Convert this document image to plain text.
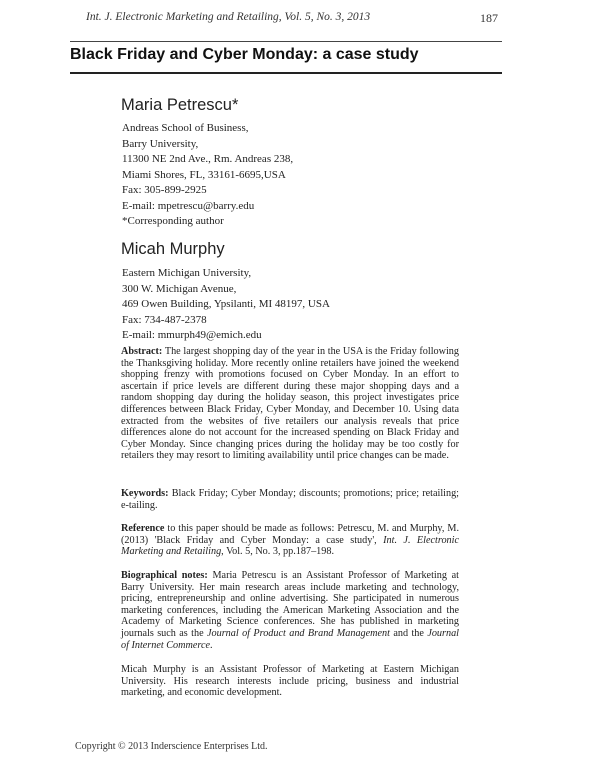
Int. J. Electronic Marketing and Retailing, Vol. 5, No. 3, 2013	187
Black Friday and Cyber Monday: a case study
Maria Petrescu*
Andreas School of Business,
Barry University,
11300 NE 2nd Ave., Rm. Andreas 238,
Miami Shores, FL, 33161-6695,USA
Fax: 305-899-2925
E-mail: mpetrescu@barry.edu
*Corresponding author
Micah Murphy
Eastern Michigan University,
300 W. Michigan Avenue,
469 Owen Building, Ypsilanti, MI 48197, USA
Fax: 734-487-2378
E-mail: mmurph49@emich.edu
Abstract: The largest shopping day of the year in the USA is the Friday following the Thanksgiving holiday. More recently online retailers have joined the weekend shopping frenzy with promotions focused on Cyber Monday. In an effort to ascertain if price levels are different during these major shopping days and a random shopping day during the holiday season, this project investigates price differences between Black Friday, Cyber Monday, and December 10. Using data extracted from the websites of five retailers our analysis reveals that price differences alone do not account for the increased spending on Black Friday and Cyber Monday. Since changing prices during the holiday may be too costly for retailers they may resort to limiting availability until price changes can be made.
Keywords: Black Friday; Cyber Monday; discounts; promotions; price; retailing; e-tailing.
Reference to this paper should be made as follows: Petrescu, M. and Murphy, M. (2013) 'Black Friday and Cyber Monday: a case study', Int. J. Electronic Marketing and Retailing, Vol. 5, No. 3, pp.187–198.
Biographical notes: Maria Petrescu is an Assistant Professor of Marketing at Barry University. Her main research areas include marketing and technology, pricing, entrepreneurship and online advertising. She participated in numerous marketing conferences, including the American Marketing Association and the Academy of Marketing Science conferences. She has published in marketing journals such as the Journal of Product and Brand Management and the Journal of Internet Commerce.
Micah Murphy is an Assistant Professor of Marketing at Eastern Michigan University. His research interests include pricing, business and industrial marketing, and economic development.
Copyright © 2013 Inderscience Enterprises Ltd.
